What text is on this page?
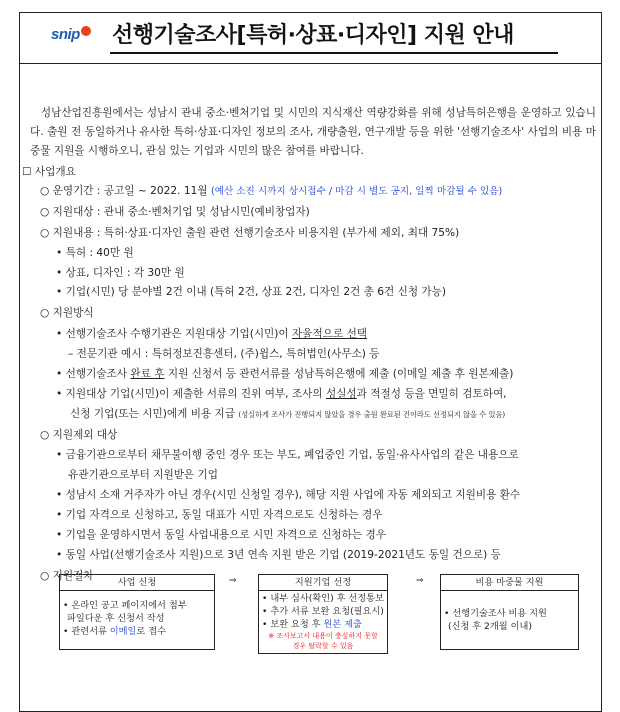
snip 선행기술조사[특허·상표·디자인] 지원 안내
　성남산업진흥원에서는 성남시 관내 중소·벤처기업 및 시민의 지식재산 역량강화를 위해 성남특허은행을 운영하고 있습니다. 출원 전 동일하거나 유사한 특허·상표·디자인 정보의 조사, 개량출원, 연구개발 등을 위한 '선행기술조사' 사업의 비용 마중물 지원을 시행하오니, 관심 있는 기업과 시민의 많은 참여를 바랍니다.
☐ 사업개요
○ 운영기간 : 공고일 ~ 2022. 11월 (예산 소진 시까지 상시접수 / 마감 시 별도 공지, 일찍 마감될 수 있음)
○ 지원대상 : 관내 중소·벤처기업 및 성남시민(예비창업자)
○ 지원내용 : 특허·상표·디자인 출원 관련 선행기술조사 비용지원 (부가세 제외, 최대 75%)
• 특허 : 40만 원
• 상표, 디자인 : 각 30만 원
• 기업(시민) 당 분야별 2건 이내 (특허 2건, 상표 2건, 디자인 2건 총 6건 신청 가능)
○ 지원방식
• 선행기술조사 수행기관은 지원대상 기업(시민)이 자율적으로 선택
– 전문기관 예시 : 특허정보진흥센터, (주)윕스, 특허법인(사무소) 등
• 선행기술조사 완료 후 지원 신청서 등 관련서류를 성남특허은행에 제출 (이메일 제출 후 원본제출)
• 지원대상 기업(시민)이 제출한 서류의 진위 여부, 조사의 성실성과 적절성 등을 면밀히 검토하여,
신청 기업(또는 시민)에게 비용 지급 (성실하게 조사가 진행되지 않았을 경우 출원 완료된 건이라도 선정되지 않을 수 있음)
○ 지원제외 대상
• 금융기관으로부터 채무불이행 중인 경우 또는 부도, 폐업중인 기업, 동일·유사사업의 같은 내용으로
유관기관으로부터 지원받은 기업
• 성남시 소재 거주자가 아닌 경우(시민 신청일 경우), 해당 지원 사업에 자동 제외되고 지원비용 환수
• 기업 자격으로 신청하고, 동일 대표가 시민 자격으로도 신청하는 경우
• 기업을 운영하시면서 동일 사업내용으로 시민 자격으로 신청하는 경우
• 동일 사업(선행기술조사 지원)으로 3년 연속 지원 받은 기업 (2019-2021년도 동일 건으로) 등
○ 지원절차
사업 신청
• 온라인 공고 페이지에서 첨부
파일다운 후 신청서 작성
• 관련서류 이메일로 접수
⇒	지원기업 선정
• 내부 심사(확인) 후 선정통보
• 추가 서류 보완 요청(필요시)
• 보완 요청 후 원본 제출
※ 조사보고서 내용이 충실하지 못할
경우 탈락할 수 있음
⇒	비용 마중물 지원
• 선행기술조사 비용 지원
(신청 후 2개월 이내)
